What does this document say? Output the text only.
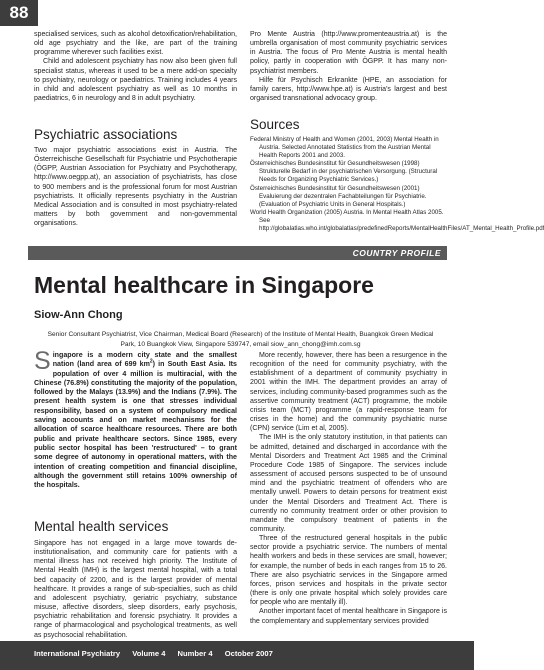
88

specialised services, such as alcohol detoxification/rehabilitation, old age psychiatry and the like, are part of the training programme wherever such facilities exist.

Child and adolescent psychiatry has now also been given full specialist status, whereas it used to be a mere add-on specialty to psychiatry, neurology or paediatrics. Training includes 4 years in child and adolescent psychiatry as well as 10 months in paediatrics, 6 in neurology and 8 in adult psychiatry.

Psychiatric associations

Two major psychiatric associations exist in Austria. The Österreichische Gesellschaft für Psychiatrie und Psychotherapie (ÖGPP, Austrian Association for Psychiatry and Psychotherapy, http://www.oegpp.at), an association of psychiatrists, has close to 900 members and is the professional forum for most Austrian psychiatrists. It officially represents psychiatry in the Austrian Medical Association and is consulted in most psychiatry-related matters by both government and non-governmental organisations.

Pro Mente Austria (http://www.promenteaustria.at) is the umbrella organisation of most community psychiatric services in Austria. The focus of Pro Mente Austria is mental health policy, partly in cooperation with ÖGPP. It has many non-psychiatrist members.

Hilfe für Psychisch Erkrankte (HPE, an association for family carers, http://www.hpe.at) is Austria's largest and best organised transnational advocacy group.

Sources

Federal Ministry of Health and Women (2001, 2003) Mental Health in Austria. Selected Annotated Statistics from the Austrian Mental Health Reports 2001 and 2003.

Österreichisches Bundesinstitut für Gesundheitswesen (1998) Strukturelle Bedarf in der psychiatrischen Versorgung. (Structural Needs for Organizing Psychiatric Services.)

Österreichisches Bundesinstitut für Gesundheitswesen (2001) Evaluierung der dezentralen Fachabteilungen für Psychiatrie. (Evaluation of Psychiatric Units in General Hospitals.)

World Health Organization (2005) Austria. In Mental Health Atlas 2005. See http://globalatlas.who.int/globalatlas/predefinedReports/MentalHealthFiles/AT_Mental_Health_Profile.pdf

COUNTRY PROFILE
Mental healthcare in Singapore
Siow-Ann Chong
Senior Consultant Psychiatrist, Vice Chairman, Medical Board (Research) of the Institute of Mental Health, Buangkok Green Medical
Park, 10 Buangkok View, Singapore 539747, email siow_ann_chong@imh.com.sg
Singapore is a modern city state and the smallest nation (land area of 699 $km^2$) in South East Asia. Its population of over 4 million is multiracial, with the Chinese (76.8%) constituting the majority of the population, followed by the Malays (13.9%) and the Indians (7.9%). The present health system is one that stresses individual responsibility, based on a system of compulsory medical saving accounts and on market mechanisms for the allocation of scarce healthcare resources. There are both public and private healthcare sectors. Since 1985, every public sector hospital has been 'restructured' – to grant some degree of autonomy in operational matters, with the intention of creating competition and financial discipline, although the government still retains 100% ownership of the hospitals.
Mental health services

Singapore has not engaged in a large move towards de-institutionalisation, and community care for patients with a mental illness has not received high priority. The Institute of Mental Health (IMH) is the largest mental hospital, with a total bed capacity of 2200, and is the largest provider of mental healthcare. It provides a range of sub-specialties, such as child and adolescent psychiatry, geriatric psychiatry, substance misuse, affective disorders, sleep disorders, early psychosis, psychiatric rehabilitation and forensic psychiatry. It provides a range of pharmacological and psychological treatments, as well as psychosocial rehabilitation.

More recently, however, there has been a resurgence in the recognition of the need for community psychiatry, with the establishment of a department of community psychiatry in 2001 within the IMH. The department provides an array of services, including community-based programmes such as the assertive community treatment (ACT) programme, the mobile crisis team (MCT) programme (a rapid-response team for crises in the home) and the community psychiatric nurse (CPN) service (Lim et al, 2005).

The IMH is the only statutory institution, in that patients can be admitted, detained and discharged in accordance with the Mental Disorders and Treatment Act 1985 and the Criminal Procedure Code 1985 of Singapore. The services include assessment of accused persons suspected to be of unsound mind and the psychiatric treatment of offenders who are mentally unwell. Powers to detain persons for treatment exist under the Mental Disorders and Treatment Act. There is currently no community treatment order or other provision to mandate the compulsory treatment of patients in the community.

Three of the restructured general hospitals in the public sector provide a psychiatric service. The numbers of mental health workers and beds in these services are small, however; for example, the number of beds in each ranges from 15 to 26. There are also psychiatric services in the Singapore armed forces, prison services and hospitals in the private sector (there is only one private hospital which solely provides care for people who are mentally ill).

Another important facet of mental healthcare in Singapore is the complementary and supplementary services provided

International Psychiatry Volume 4 Number 4 October 2007
